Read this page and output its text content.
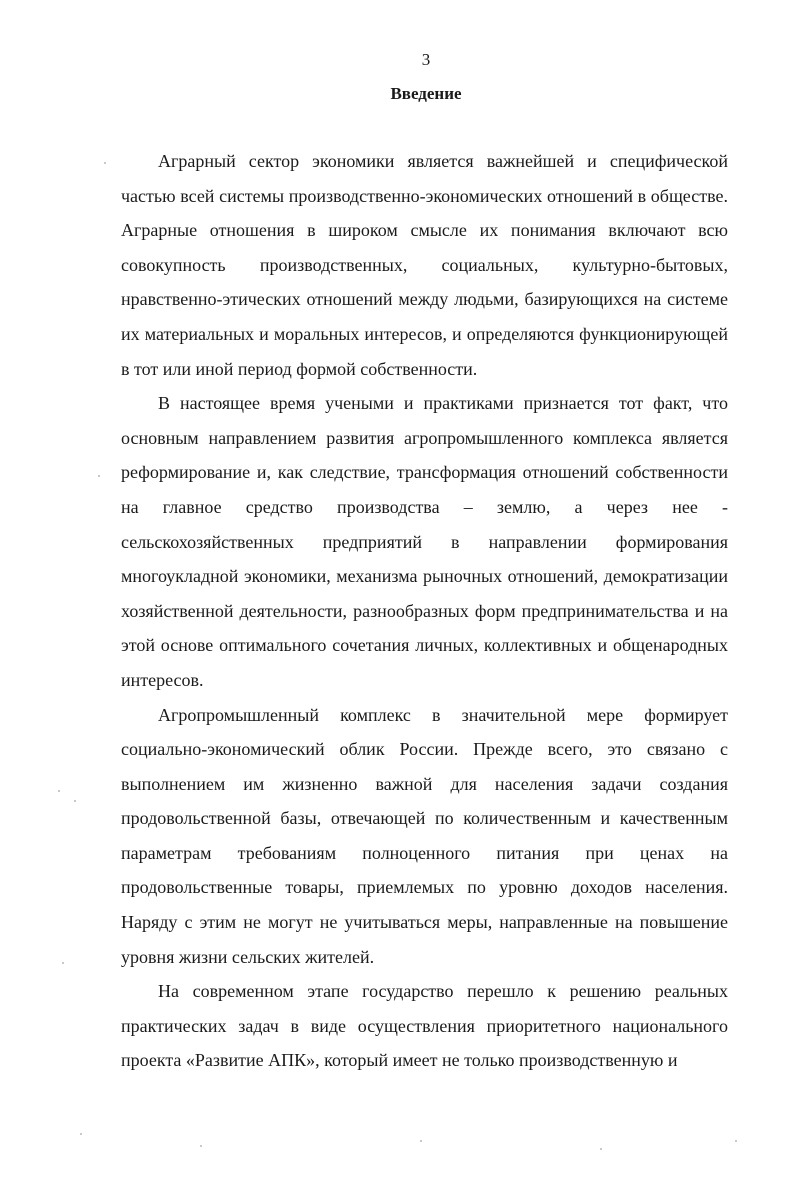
3
Введение

Аграрный сектор экономики является важнейшей и специфической частью всей системы производственно-экономических отношений в обществе. Аграрные отношения в широком смысле их понимания включают всю совокупность производственных, социальных, культурно-бытовых, нравственно-этических отношений между людьми, базирующихся на системе их материальных и моральных интересов, и определяются функционирующей в тот или иной период формой собственности.

В настоящее время учеными и практиками признается тот факт, что основным направлением развития агропромышленного комплекса является реформирование и, как следствие, трансформация отношений собственности на главное средство производства – землю, а через нее - сельскохозяйственных предприятий в направлении формирования многоукладной экономики, механизма рыночных отношений, демократизации хозяйственной деятельности, разнообразных форм предпринимательства и на этой основе оптимального сочетания личных, коллективных и общенародных интересов.

Агропромышленный комплекс в значительной мере формирует социально-экономический облик России. Прежде всего, это связано с выполнением им жизненно важной для населения задачи создания продовольственной базы, отвечающей по количественным и качественным параметрам требованиям полноценного питания при ценах на продовольственные товары, приемлемых по уровню доходов населения. Наряду с этим не могут не учитываться меры, направленные на повышение уровня жизни сельских жителей.

На современном этапе государство перешло к решению реальных практических задач в виде осуществления приоритетного национального проекта «Развитие АПК», который имеет не только производственную и
